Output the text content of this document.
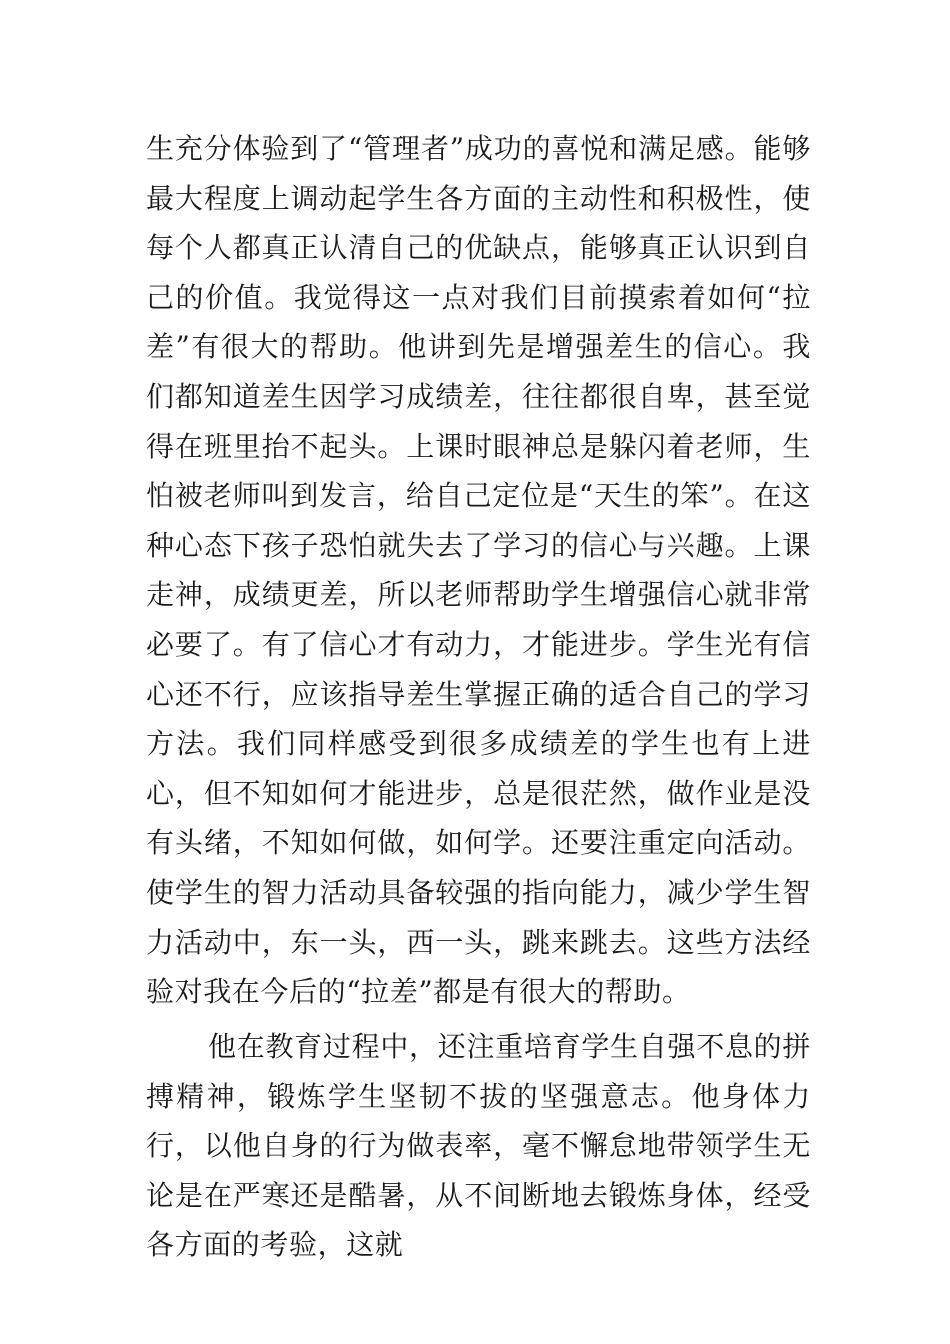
生充分体验到了“管理者”成功的喜悦和满足感。能够最大程度上调动起学生各方面的主动性和积极性，使每个人都真正认清自己的优缺点，能够真正认识到自己的价值。我觉得这一点对我们目前摸索着如何“拉差”有很大的帮助。他讲到先是增强差生的信心。我们都知道差生因学习成绩差，往往都很自卑，甚至觉得在班里抬不起头。上课时眼神总是躲闪着老师，生怕被老师叫到发言，给自己定位是“天生的笨”。在这种心态下孩子恐怕就失去了学习的信心与兴趣。上课走神，成绩更差，所以老师帮助学生增强信心就非常必要了。有了信心才有动力，才能进步。学生光有信心还不行，应该指导差生掌握正确的适合自己的学习方法。我们同样感受到很多成绩差的学生也有上进心，但不知如何才能进步，总是很茫然，做作业是没有头绪，不知如何做，如何学。还要注重定向活动。使学生的智力活动具备较强的指向能力，减少学生智力活动中，东一头，西一头，跳来跳去。这些方法经验对我在今后的“拉差”都是有很大的帮助。

他在教育过程中，还注重培育学生自强不息的拼搏精神，锻炼学生坚韧不拔的坚强意志。他身体力行，以他自身的行为做表率，毫不懈怠地带领学生无论是在严寒还是酷暑，从不间断地去锻炼身体，经受各方面的考验，这就
